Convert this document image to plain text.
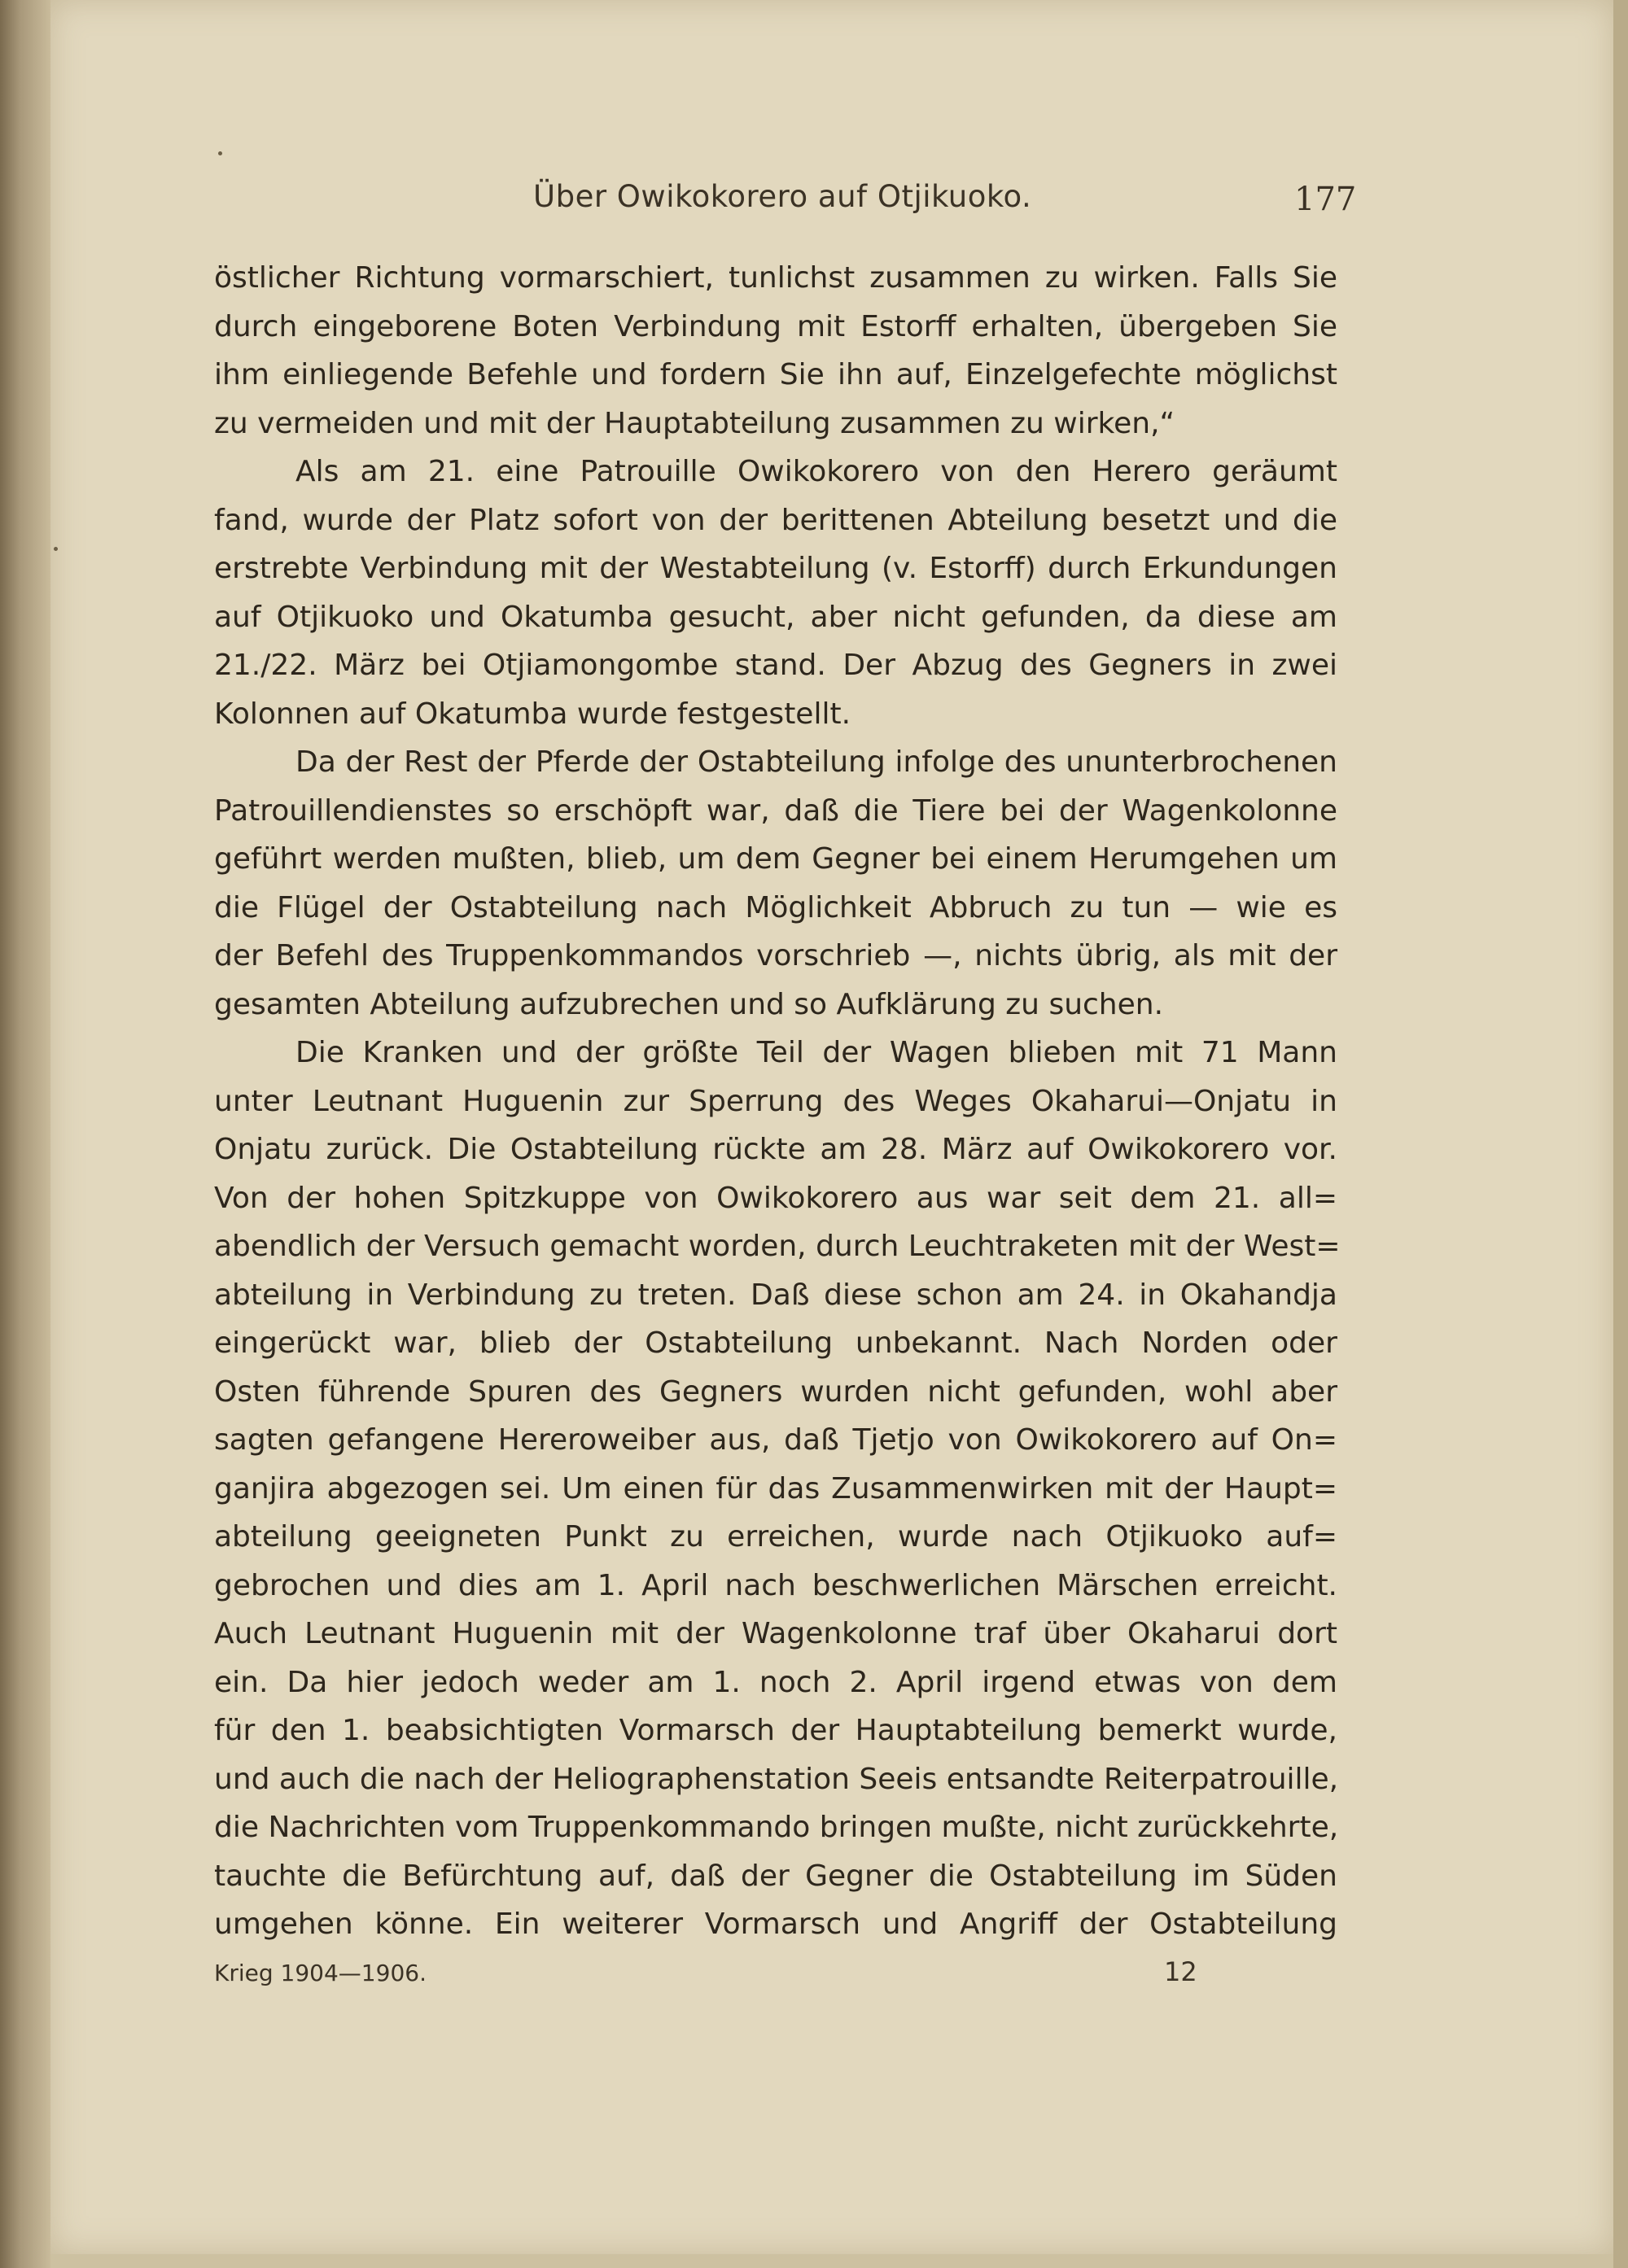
Über Owikokorero auf Otjikuoko.	177
östlicher Richtung vormarschiert, tunlichst zusammen zu wirken. Falls Sie
durch eingeborene Boten Verbindung mit Estorff erhalten, übergeben Sie
ihm einliegende Befehle und fordern Sie ihn auf, Einzelgefechte möglichst
zu vermeiden und mit der Hauptabteilung zusammen zu wirken,“
Als am 21. eine Patrouille Owikokorero von den Herero geräumt
fand, wurde der Platz sofort von der berittenen Abteilung besetzt und die
erstrebte Verbindung mit der Westabteilung (v. Estorff) durch Erkundungen
auf Otjikuoko und Okatumba gesucht, aber nicht gefunden, da diese am
21./22. März bei Otjiamongombe stand. Der Abzug des Gegners in zwei
Kolonnen auf Okatumba wurde festgestellt.
Da der Rest der Pferde der Ostabteilung infolge des ununterbrochenen
Patrouillendienstes so erschöpft war, daß die Tiere bei der Wagenkolonne
geführt werden mußten, blieb, um dem Gegner bei einem Herumgehen um
die Flügel der Ostabteilung nach Möglichkeit Abbruch zu tun — wie es
der Befehl des Truppenkommandos vorschrieb —, nichts übrig, als mit der
gesamten Abteilung aufzubrechen und so Aufklärung zu suchen.
Die Kranken und der größte Teil der Wagen blieben mit 71 Mann
unter Leutnant Huguenin zur Sperrung des Weges Okaharui—Onjatu in
Onjatu zurück. Die Ostabteilung rückte am 28. März auf Owikokorero vor.
Von der hohen Spitzkuppe von Owikokorero aus war seit dem 21. all=
abendlich der Versuch gemacht worden, durch Leuchtraketen mit der West=
abteilung in Verbindung zu treten. Daß diese schon am 24. in Okahandja
eingerückt war, blieb der Ostabteilung unbekannt. Nach Norden oder
Osten führende Spuren des Gegners wurden nicht gefunden, wohl aber
sagten gefangene Hereroweiber aus, daß Tjetjo von Owikokorero auf On=
ganjira abgezogen sei. Um einen für das Zusammenwirken mit der Haupt=
abteilung geeigneten Punkt zu erreichen, wurde nach Otjikuoko auf=
gebrochen und dies am 1. April nach beschwerlichen Märschen erreicht.
Auch Leutnant Huguenin mit der Wagenkolonne traf über Okaharui dort
ein. Da hier jedoch weder am 1. noch 2. April irgend etwas von dem
für den 1. beabsichtigten Vormarsch der Hauptabteilung bemerkt wurde,
und auch die nach der Heliographenstation Seeis entsandte Reiterpatrouille,
die Nachrichten vom Truppenkommando bringen mußte, nicht zurückkehrte,
tauchte die Befürchtung auf, daß der Gegner die Ostabteilung im Süden
umgehen könne. Ein weiterer Vormarsch und Angriff der Ostabteilung
Krieg 1904—1906.	12
